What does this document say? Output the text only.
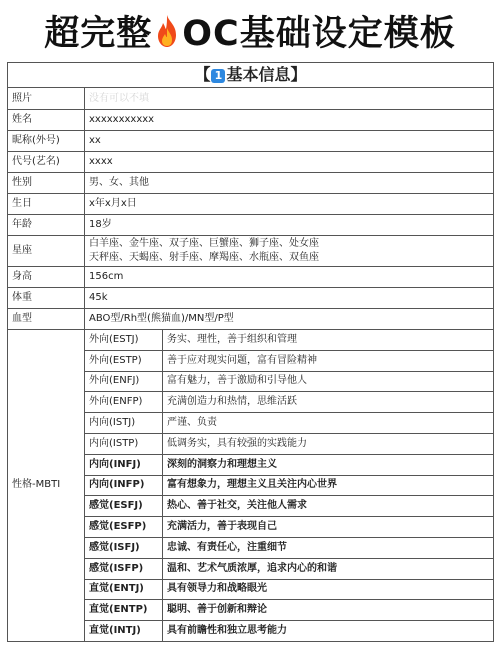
超完整 OC基础设定模板
【 1 基本信息】		
照片	没有可以不填	
姓名	xxxxxxxxxxx	
昵称(外号)	xx	
代号(艺名)	xxxx	
性别	男、女、其他	
生日	x年x月x日	
年龄	18岁	
星座	白羊座、金牛座、双子座、巨蟹座、狮子座、处女座
天秤座、天蝎座、射手座、摩羯座、水瓶座、双鱼座	

身高	156cm	
体重	45k	
血型	ABO型/Rh型(熊猫血)/MN型/P型	
性格-MBTI	外向(ESTJ)	务实、理性，善于组织和管理
	外向(ESTP)	善于应对现实问题，富有冒险精神
	外向(ENFJ)	富有魅力，善于激励和引导他人
	外向(ENFP)	充满创造力和热情，思维活跃
	内向(ISTJ)	严谨、负责
	内向(ISTP)	低调务实，具有较强的实践能力
	内向(INFJ)	深刻的洞察力和理想主义
	内向(INFP)	富有想象力，理想主义且关注内心世界
	感觉(ESFJ)	热心、善于社交，关注他人需求
	感觉(ESFP)	充满活力，善于表现自己
	感觉(ISFJ)	忠诚、有责任心，注重细节
	感觉(ISFP)	温和、艺术气质浓厚，追求内心的和谐
	直觉(ENTJ)	具有领导力和战略眼光
	直觉(ENTP)	聪明、善于创新和辩论
	直觉(INTJ)	具有前瞻性和独立思考能力
